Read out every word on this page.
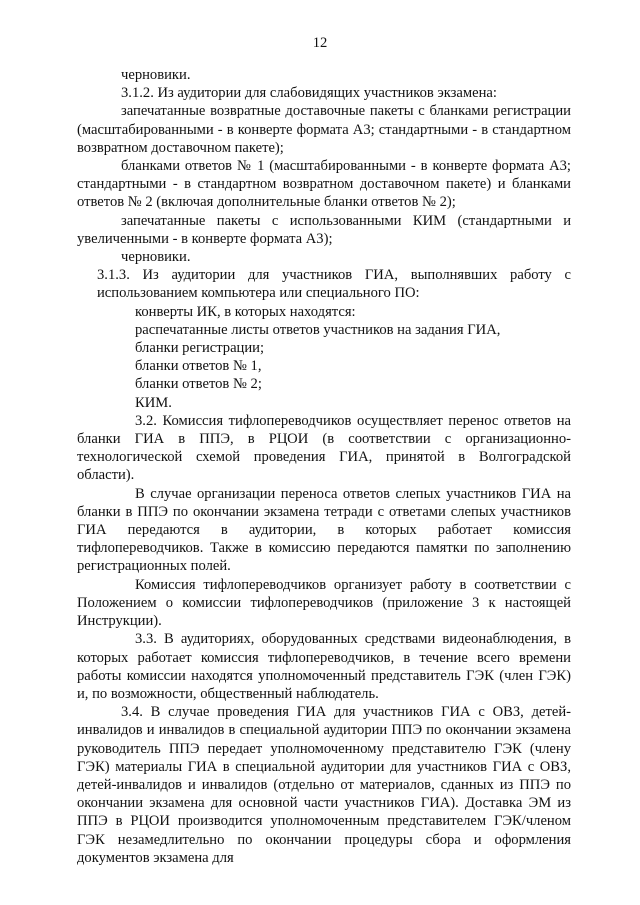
12

черновики.

3.1.2. Из аудитории для слабовидящих участников экзамена:

запечатанные возвратные доставочные пакеты с бланками регистрации (масштабированными - в конверте формата А3; стандартными - в стандартном возвратном доставочном пакете);

бланками ответов № 1 (масштабированными - в конверте формата А3; стандартными - в стандартном возвратном доставочном пакете) и бланками ответов № 2 (включая дополнительные бланки ответов № 2);

запечатанные пакеты с использованными КИМ (стандартными и увеличенными - в конверте формата А3);

черновики.

3.1.3. Из аудитории для участников ГИА, выполнявших работу с использованием компьютера или специального ПО:

конверты ИК, в которых находятся:

распечатанные листы ответов участников на задания ГИА,

бланки регистрации;

бланки ответов № 1,

бланки ответов № 2;

КИМ.

3.2. Комиссия тифлопереводчиков осуществляет перенос ответов на бланки ГИА в ППЭ, в РЦОИ (в соответствии с организационно-технологической схемой проведения ГИА, принятой в Волгоградской области).

В случае организации переноса ответов слепых участников ГИА на бланки в ППЭ по окончании экзамена тетради с ответами слепых участников ГИА передаются в аудитории, в которых работает комиссия тифлопереводчиков. Также в комиссию передаются памятки по заполнению регистрационных полей.

Комиссия тифлопереводчиков организует работу в соответствии с Положением о комиссии тифлопереводчиков (приложение 3 к настоящей Инструкции).

3.3. В аудиториях, оборудованных средствами видеонаблюдения, в которых работает комиссия тифлопереводчиков, в течение всего времени работы комиссии находятся уполномоченный представитель ГЭК (член ГЭК) и, по возможности, общественный наблюдатель.

3.4. В случае проведения ГИА для участников ГИА с ОВЗ, детей-инвалидов и инвалидов в специальной аудитории ППЭ по окончании экзамена руководитель ППЭ передает уполномоченному представителю ГЭК (члену ГЭК) материалы ГИА в специальной аудитории для участников ГИА с ОВЗ, детей-инвалидов и инвалидов (отдельно от материалов, сданных из ППЭ по окончании экзамена для основной части участников ГИА). Доставка ЭМ из ППЭ в РЦОИ производится уполномоченным представителем ГЭК/членом ГЭК незамедлительно по окончании процедуры сбора и оформления документов экзамена для
